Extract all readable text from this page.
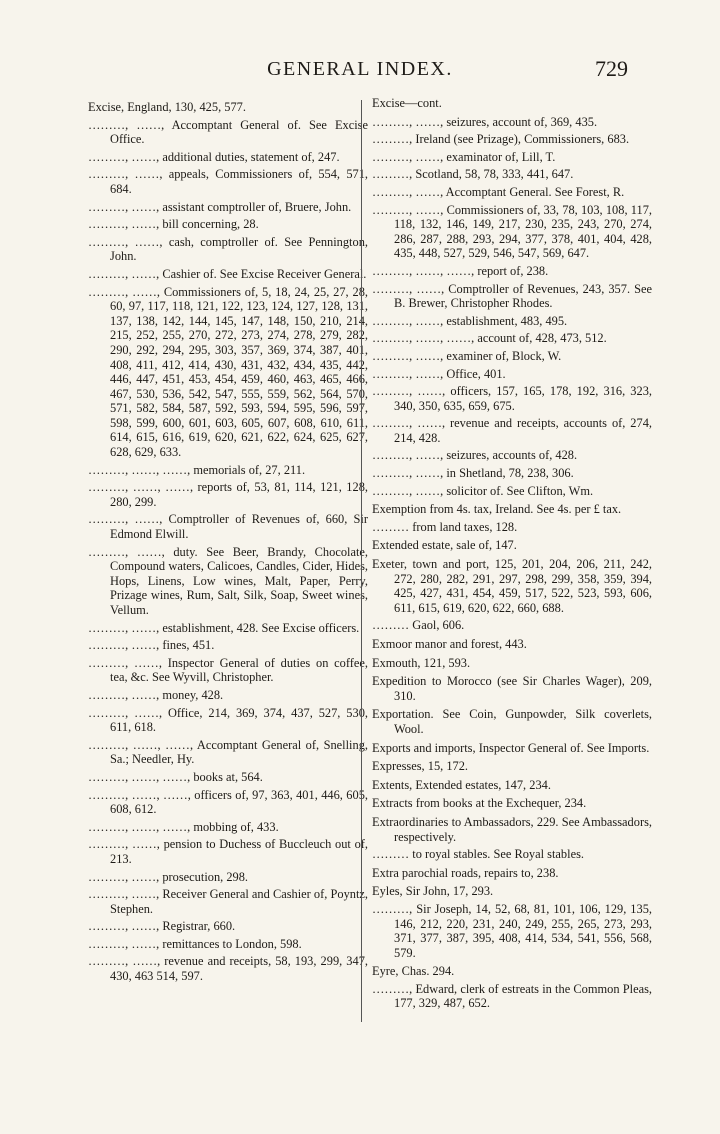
GENERAL INDEX.	729
Excise, England, 130, 425, 577.
………, ……, Accomptant General of. See Excise Office.
………, ……, additional duties, statement of, 247.
………, ……, appeals, Commissioners of, 554, 571, 684.
………, ……, assistant comptroller of, Bruere, John.
………, ……, bill concerning, 28.
………, ……, cash, comptroller of. See Pennington, John.
………, ……, Cashier of. See Excise Receiver General.
………, ……, Commissioners of, 5, 18, 24, 25, 27, 28, 60, 97, 117, 118, 121, 122, 123, 124, 127, 128, 131, 137, 138, 142, 144, 145, 147, 148, 150, 210, 214, 215, 252, 255, 270, 272, 273, 274, 278, 279, 282, 290, 292, 294, 295, 303, 357, 369, 374, 387, 401, 408, 411, 412, 414, 430, 431, 432, 434, 435, 442, 446, 447, 451, 453, 454, 459, 460, 463, 465, 466, 467, 530, 536, 542, 547, 555, 559, 562, 564, 570, 571, 582, 584, 587, 592, 593, 594, 595, 596, 597, 598, 599, 600, 601, 603, 605, 607, 608, 610, 611, 614, 615, 616, 619, 620, 621, 622, 624, 625, 627, 628, 629, 633.
………, ……, ……, memorials of, 27, 211.
………, ……, ……, reports of, 53, 81, 114, 121, 128, 280, 299.
………, ……, Comptroller of Revenues of, 660, Sir Edmond Elwill.
………, ……, duty. See Beer, Brandy, Chocolate, Compound waters, Calicoes, Candles, Cider, Hides, Hops, Linens, Low wines, Malt, Paper, Perry, Prizage wines, Rum, Salt, Silk, Soap, Sweet wines, Vellum.
………, ……, establishment, 428. See Excise officers.
………, ……, fines, 451.
………, ……, Inspector General of duties on coffee, tea, &c. See Wyvill, Christopher.
………, ……, money, 428.
………, ……, Office, 214, 369, 374, 437, 527, 530, 611, 618.
………, ……, ……, Accomptant General of, Snelling, Sa.; Needler, Hy.
………, ……, ……, books at, 564.
………, ……, ……, officers of, 97, 363, 401, 446, 605, 608, 612.
………, ……, ……, mobbing of, 433.
………, ……, pension to Duchess of Buccleuch out of, 213.
………, ……, prosecution, 298.
………, ……, Receiver General and Cashier of, Poyntz, Stephen.
………, ……, Registrar, 660.
………, ……, remittances to London, 598.
………, ……, revenue and receipts, 58, 193, 299, 347, 430, 463 514, 597.
Excise—cont.
………, ……, seizures, account of, 369, 435.
………, Ireland (see Prizage), Commissioners, 683.
………, ……, examinator of, Lill, T.
………, Scotland, 58, 78, 333, 441, 647.
………, ……, Accomptant General. See Forest, R.
………, ……, Commissioners of, 33, 78, 103, 108, 117, 118, 132, 146, 149, 217, 230, 235, 243, 270, 274, 286, 287, 288, 293, 294, 377, 378, 401, 404, 428, 435, 448, 527, 529, 546, 547, 569, 647.
………, ……, ……, report of, 238.
………, ……, Comptroller of Revenues, 243, 357. See B. Brewer, Christopher Rhodes.
………, ……, establishment, 483, 495.
………, ……, ……, account of, 428, 473, 512.
………, ……, examiner of, Block, W.
………, ……, Office, 401.
………, ……, officers, 157, 165, 178, 192, 316, 323, 340, 350, 635, 659, 675.
………, ……, revenue and receipts, accounts of, 274, 214, 428.
………, ……, seizures, accounts of, 428.
………, ……, in Shetland, 78, 238, 306.
………, ……, solicitor of. See Clifton, Wm.
Exemption from 4s. tax, Ireland. See 4s. per £ tax.
……… from land taxes, 128.
Extended estate, sale of, 147.
Exeter, town and port, 125, 201, 204, 206, 211, 242, 272, 280, 282, 291, 297, 298, 299, 358, 359, 394, 425, 427, 431, 454, 459, 517, 522, 523, 593, 606, 611, 615, 619, 620, 622, 660, 688.
……… Gaol, 606.
Exmoor manor and forest, 443.
Exmouth, 121, 593.
Expedition to Morocco (see Sir Charles Wager), 209, 310.
Exportation. See Coin, Gunpowder, Silk coverlets, Wool.
Exports and imports, Inspector General of. See Imports.
Expresses, 15, 172.
Extents, Extended estates, 147, 234.
Extracts from books at the Exchequer, 234.
Extraordinaries to Ambassadors, 229. See Ambassadors, respectively.
……… to royal stables. See Royal stables.
Extra parochial roads, repairs to, 238.
Eyles, Sir John, 17, 293.
………, Sir Joseph, 14, 52, 68, 81, 101, 106, 129, 135, 146, 212, 220, 231, 240, 249, 255, 265, 273, 293, 371, 377, 387, 395, 408, 414, 534, 541, 556, 568, 579.
Eyre, Chas. 294.
………, Edward, clerk of estreats in the Common Pleas, 177, 329, 487, 652.
